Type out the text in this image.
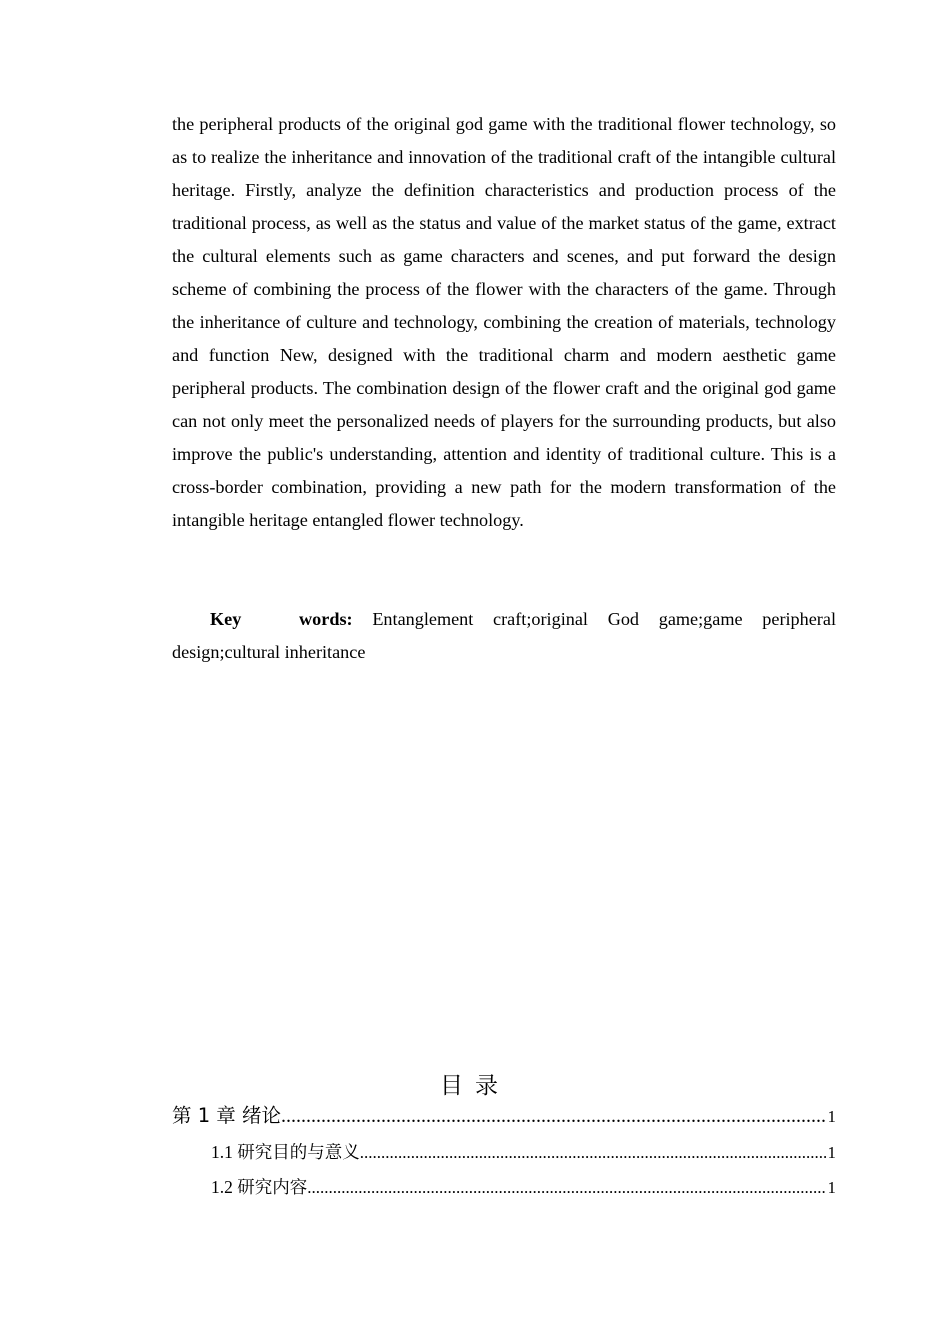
the peripheral products of the original god game with the traditional flower technology, so as to realize the inheritance and innovation of the traditional craft of the intangible cultural heritage. Firstly, analyze the definition characteristics and production process of the traditional process, as well as the status and value of the market status of the game, extract the cultural elements such as game characters and scenes, and put forward the design scheme of combining the process of the flower with the characters of the game. Through the inheritance of culture and technology, combining the creation of materials, technology and function New, designed with the traditional charm and modern aesthetic game peripheral products. The combination design of the flower craft and the original god game can not only meet the personalized needs of players for the surrounding products, but also improve the public's understanding, attention and identity of traditional culture. This is a cross-border combination, providing a new path for the modern transformation of the intangible heritage entangled flower technology.

Key words: Entanglement craft;original God game;game peripheral design;cultural inheritance

目录
第 1 章 绪论 .....	1
1.1 研究目的与意义 .....	1
1.2 研究内容 .....	1
